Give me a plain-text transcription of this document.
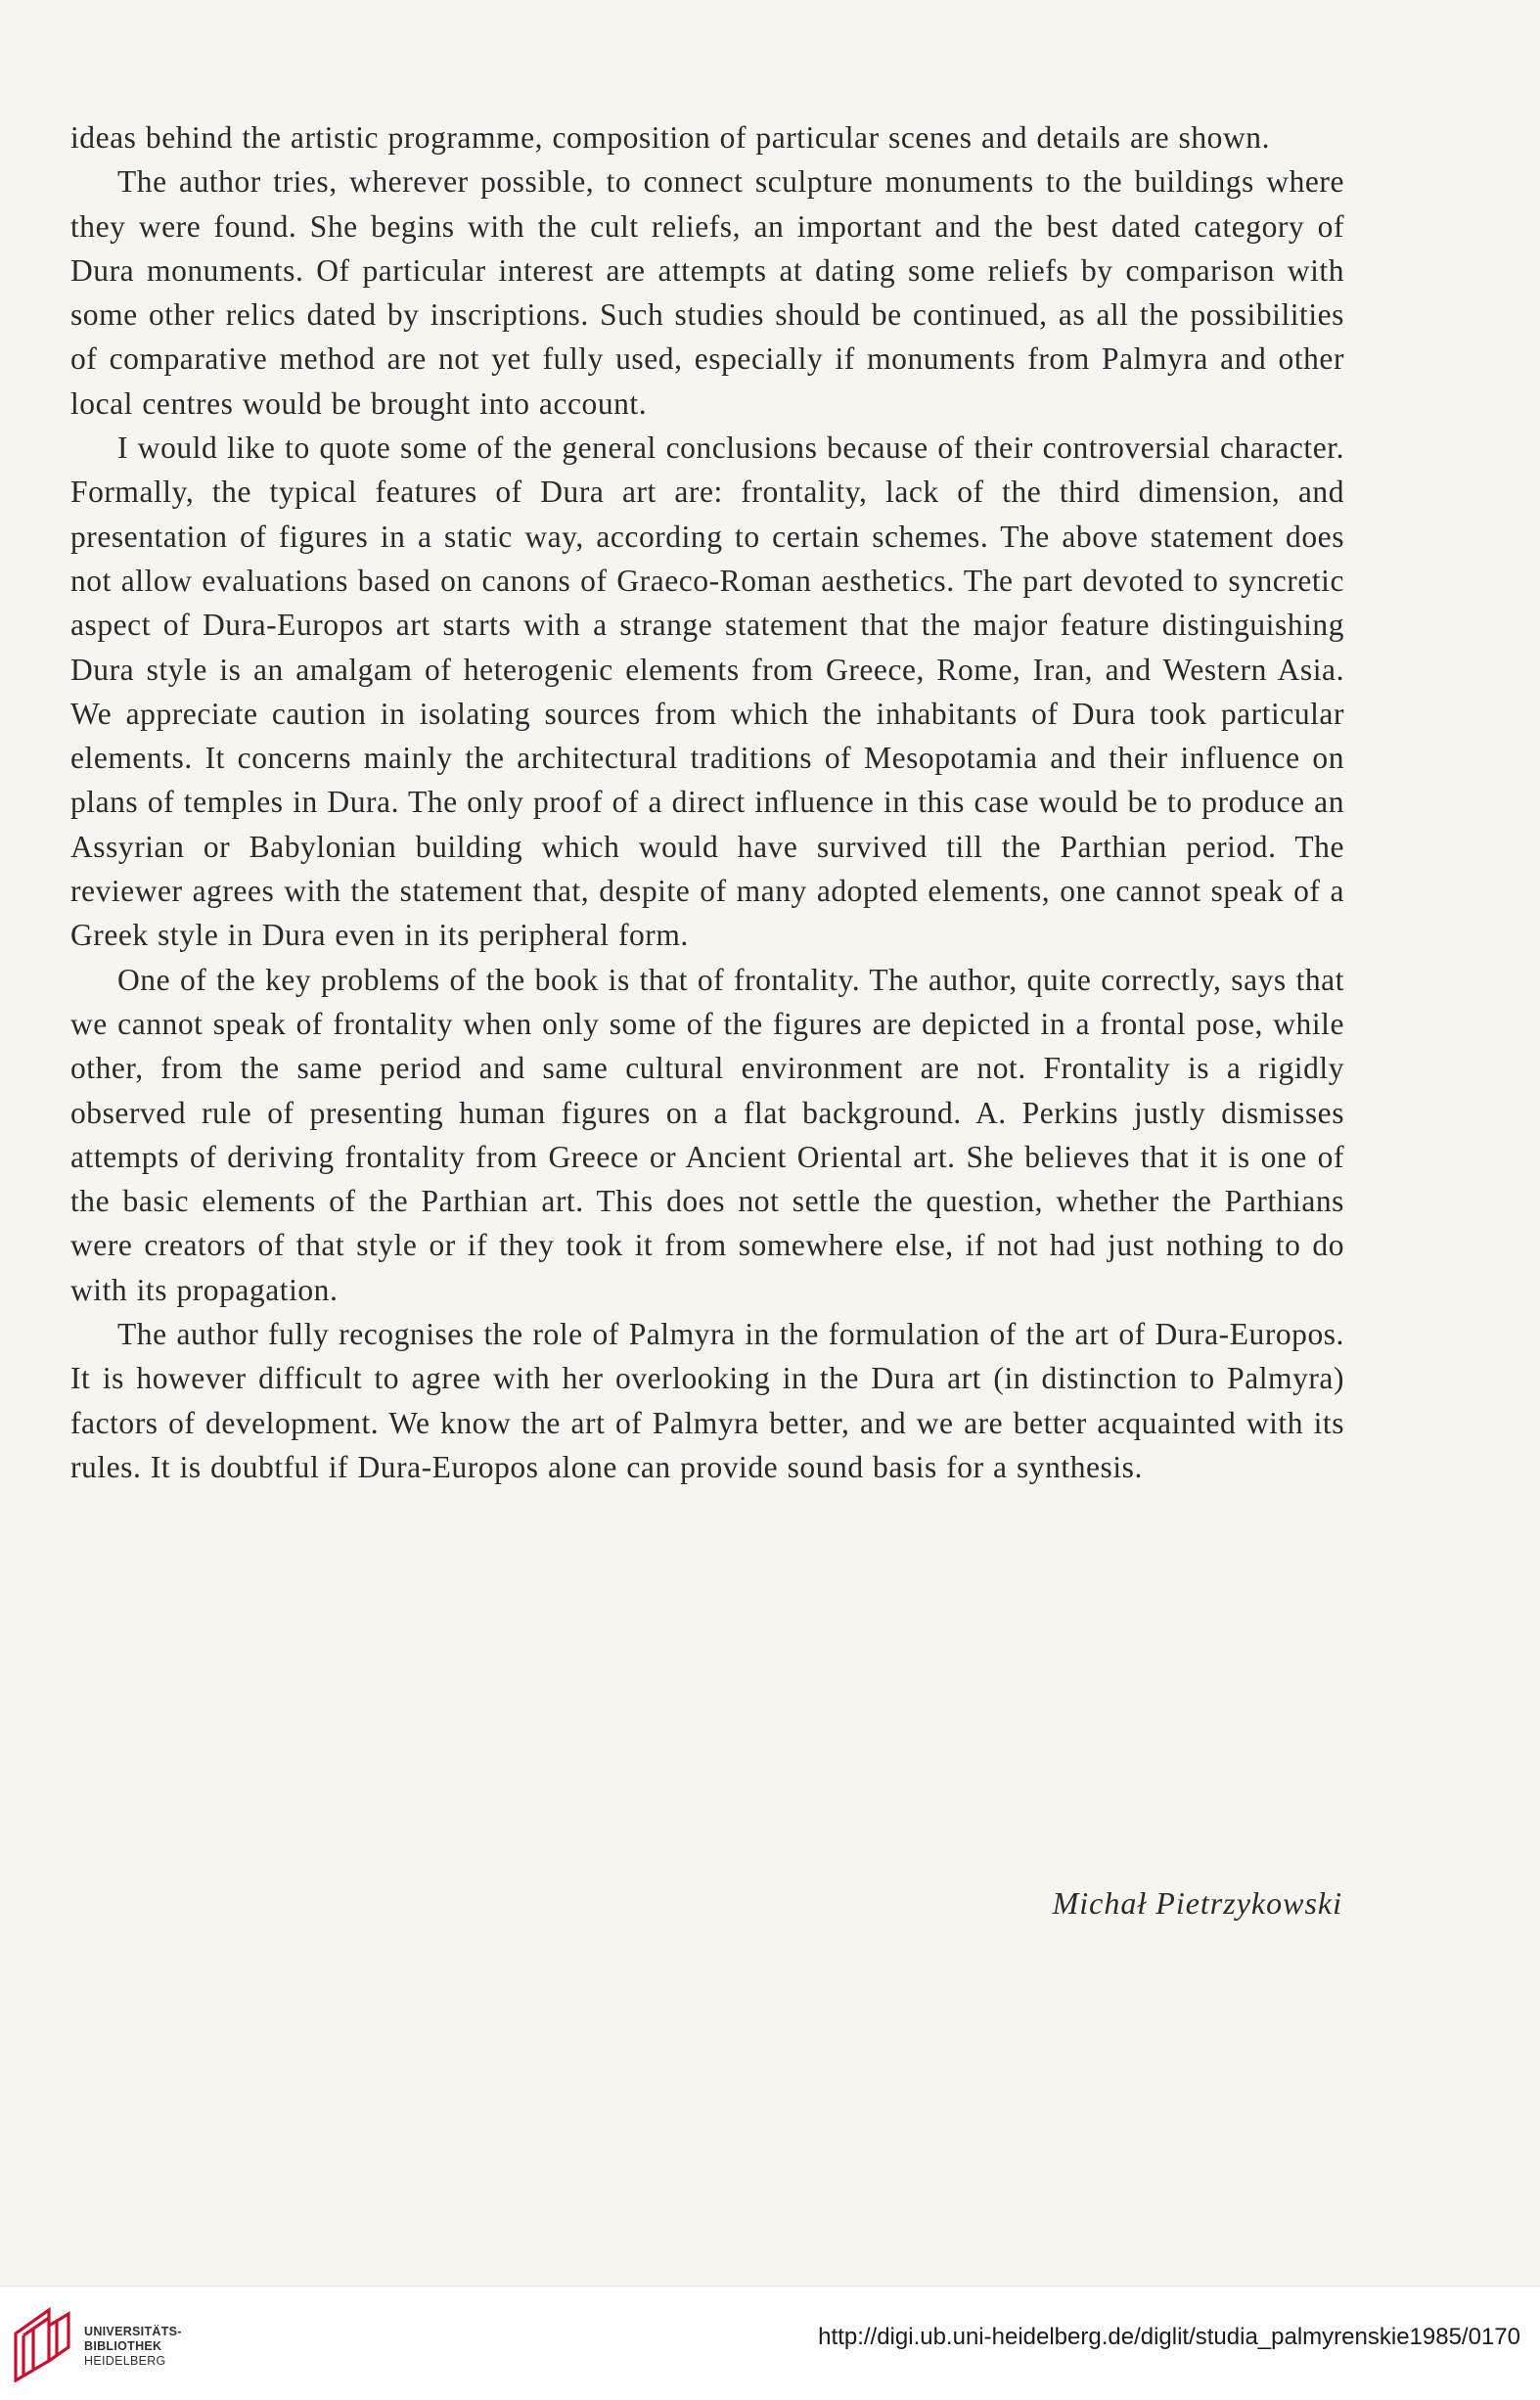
ideas behind the artistic programme, composition of particular scenes and details are shown.

The author tries, wherever possible, to connect sculpture monuments to the buildings where they were found. She begins with the cult reliefs, an important and the best dated category of Dura monuments. Of particular interest are attempts at dating some reliefs by comparison with some other relics dated by inscriptions. Such studies should be continued, as all the possibilities of comparative method are not yet fully used, especially if monuments from Palmyra and other local centres would be brought into account.

I would like to quote some of the general conclusions because of their controversial character. Formally, the typical features of Dura art are: frontality, lack of the third dimension, and presentation of figures in a static way, according to certain schemes. The above statement does not allow evaluations based on canons of Graeco-Roman aesthetics. The part devoted to syncretic aspect of Dura-Europos art starts with a strange statement that the major feature distinguishing Dura style is an amalgam of heterogenic elements from Greece, Rome, Iran, and Western Asia. We appreciate caution in isolating sources from which the inhabitants of Dura took particular elements. It concerns mainly the architectural traditions of Mesopotamia and their influence on plans of temples in Dura. The only proof of a direct influence in this case would be to produce an Assyrian or Babylonian building which would have survived till the Parthian period. The reviewer agrees with the statement that, despite of many adopted elements, one cannot speak of a Greek style in Dura even in its peripheral form.

One of the key problems of the book is that of frontality. The author, quite correctly, says that we cannot speak of frontality when only some of the figures are depicted in a frontal pose, while other, from the same period and same cultural environment are not. Frontality is a rigidly observed rule of presenting human figures on a flat background. A. Perkins justly dismisses attempts of deriving frontality from Greece or Ancient Oriental art. She believes that it is one of the basic elements of the Parthian art. This does not settle the question, whether the Parthians were creators of that style or if they took it from somewhere else, if not had just nothing to do with its propagation.

The author fully recognises the role of Palmyra in the formulation of the art of Dura-Europos. It is however difficult to agree with her overlooking in the Dura art (in distinction to Palmyra) factors of development. We know the art of Palmyra better, and we are better acquainted with its rules. It is doubtful if Dura-Europos alone can provide sound basis for a synthesis.

Michał Pietrzykowski
UNIVERSITÄTS-
BIBLIOTHEK
HEIDELBERG
http://digi.ub.uni-heidelberg.de/diglit/studia_palmyrenskie1985/0170
